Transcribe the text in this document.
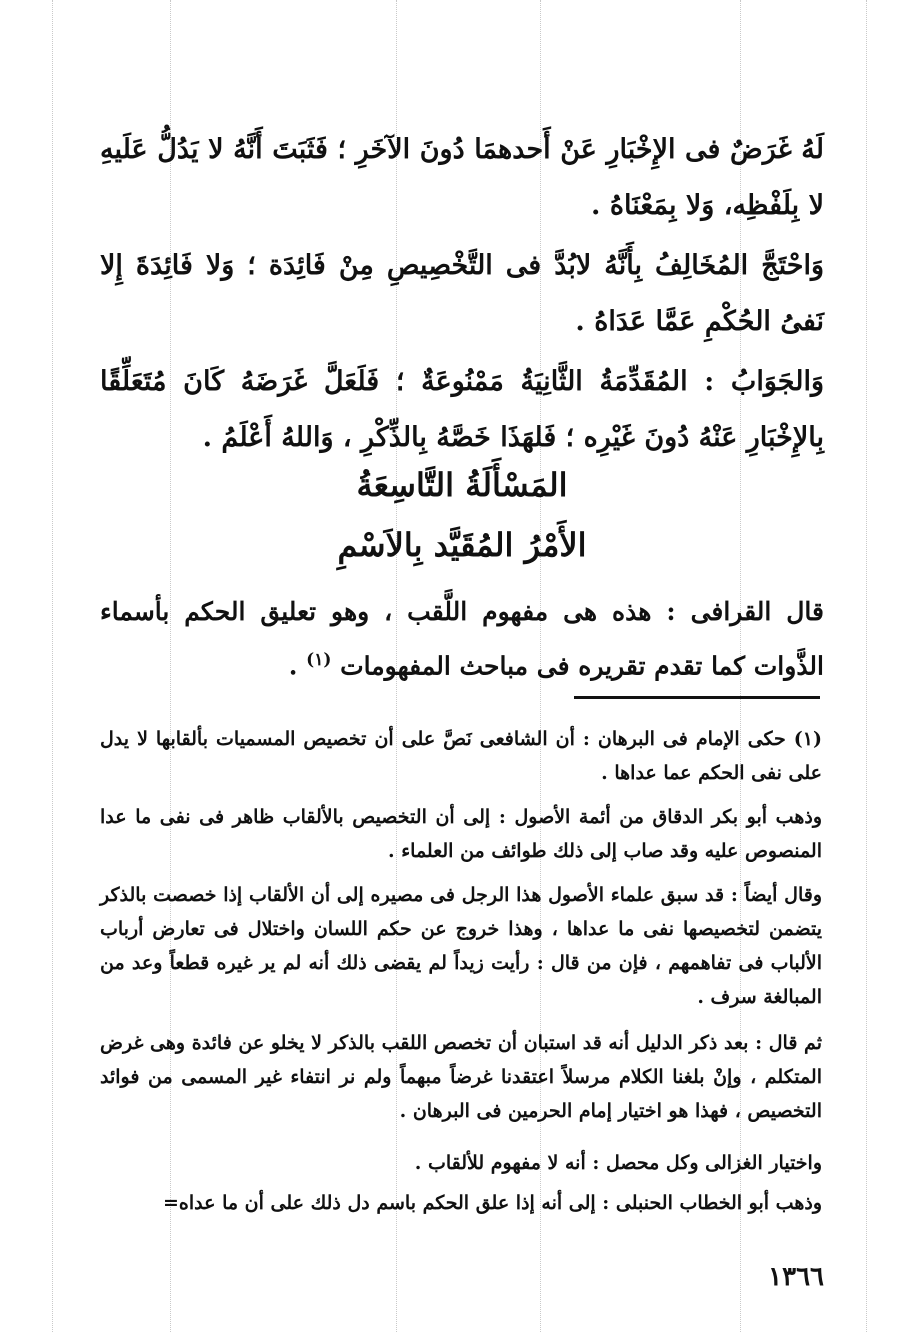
لَهُ غَرَضٌ فى الإِخْبَارِ عَنْ أَحدهمَا دُونَ الآخَرِ ؛ فَثَبَتَ أَنَّهُ لا يَدُلُّ عَلَيهِ لا بِلَفْظِه، وَلا بِمَعْنَاهُ .

وَاحْتَجَّ المُخَالِفُ بِأَنَّهُ لابُدَّ فى التَّخْصِيصِ مِنْ فَائِدَة ؛ وَلا فَائِدَةَ إِلا نَفىُ الحُكْمِ عَمَّا عَدَاهُ .

وَالجَوَابُ : المُقَدِّمَةُ الثَّانِيَةُ مَمْنُوعَةٌ ؛ فَلَعَلَّ غَرَضَهُ كَانَ مُتَعَلِّقًا بِالإِخْبَارِ عَنْهُ دُونَ غَيْرِه ؛ فَلهَذَا خَصَّهُ بِالذِّكْرِ ، وَاللهُ أَعْلَمُ .

المَسْأَلَةُ التَّاسِعَةُ

الأَمْرُ المُقَيَّد بِالاَسْمِ

قال القرافى : هذه هى مفهوم اللَّقب ، وهو تعليق الحكم بأسماء الذَّوات كما تقدم تقريره فى مباحث المفهومات $^{(١)}$ .

(١) حكى الإمام فى البرهان : أن الشافعى نَصَّ على أن تخصيص المسميات بألقابها لا يدل على نفى الحكم عما عداها .

وذهب أبو بكر الدقاق من أئمة الأصول : إلى أن التخصيص بالألقاب ظاهر فى نفى ما عدا المنصوص عليه وقد صاب إلى ذلك طوائف من العلماء .

وقال أيضاً : قد سبق علماء الأصول هذا الرجل فى مصيره إلى أن الألقاب إذا خصصت بالذكر يتضمن لتخصيصها نفى ما عداها ، وهذا خروج عن حكم اللسان واختلال فى تعارض أرباب الألباب فى تفاهمهم ، فإن من قال : رأيت زيداً لم يقضى ذلك أنه لم ير غيره قطعاً وعد من المبالغة سرف .

ثم قال : بعد ذكر الدليل أنه قد استبان أن تخصص اللقب بالذكر لا يخلو عن فائدة وهى غرض المتكلم ، وإنْ بلغنا الكلام مرسلاً اعتقدنا غرضاً مبهماً ولم نر انتفاء غير المسمى من فوائد التخصيص ، فهذا هو اختيار إمام الحرمين فى البرهان .

واختيار الغزالى وكل محصل : أنه لا مفهوم للألقاب .

وذهب أبو الخطاب الحنبلى : إلى أنه إذا علق الحكم باسم دل ذلك على أن ما عداه=

١٣٦٦
